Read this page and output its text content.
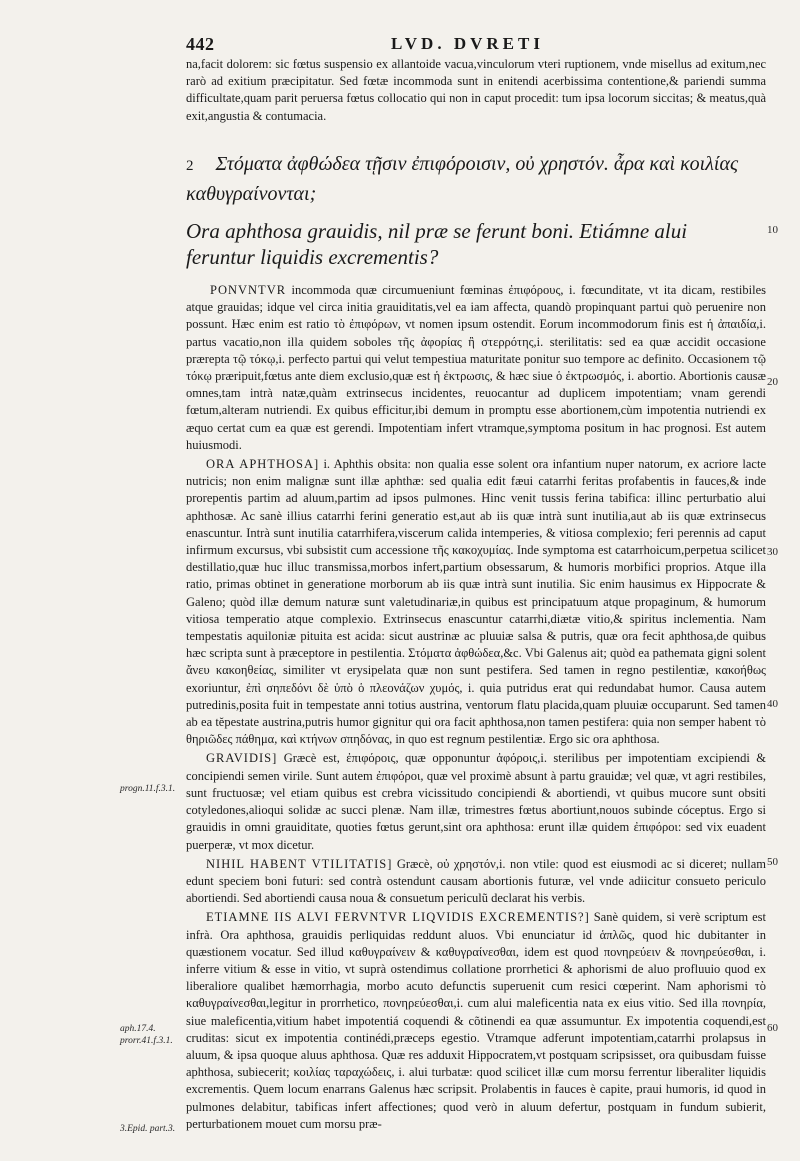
442	LVD. DVRETI
na,facit dolorem: sic fœtus suspensio ex allantoide vacua,vinculorum vteri ruptionem, vnde misellus ad exitum,nec rarò ad exitium præcipitatur. Sed fœtæ incommoda sunt in enitendi acerbissima contentione,& pariendi summa difficultate,quam parit peruersa fœtus collocatio qui non in caput procedit: tum ipsa locorum siccitas; & meatus,quà exit,angustia & contumacia.
2 Στόματα ἀφθώδεα τῇσιν ἐπιφόροισιν, οὐ χρηστόν. ἆρα καὶ κοιλίας καθυγραίνονται;
Ora aphthosa grauidis, nil præ se ferunt boni. Etiámne alui feruntur liquidis excrementis?

PONVNTVR incommoda quæ circumueniunt fœminas ἐπιφόρους, i. fœcunditate, vt ita dicam, restibiles atque grauidas; idque vel circa initia grauiditatis,vel ea iam affecta, quandò propinquant partui quò peruenire non possunt. Hæc enim est ratio τὸ ἐπιφόρων, vt nomen ipsum ostendit. Eorum incommodorum finis est ἡ ἀπαιδία,i. partus vacatio,non illa quidem soboles τῆς ἀφορίας ἢ στερρότης,i. sterilitatis: sed ea quæ accidit occasione prærepta τῷ τόκῳ,i. perfecto partui qui velut tempestiua maturitate ponitur suo tempore ac definito. Occasionem τῷ τόκῳ præripuit,fœtus ante diem exclusio,quæ est ἡ ἐκτρωσις, & hæc siue ὁ ἐκτρωσμός, i. abortio. Abortionis causæ omnes,tam intrà natæ,quàm extrinsecus incidentes, reuocantur ad duplicem impotentiam; vnam gerendi fœtum,alteram nutriendi. Ex quibus efficitur,ibi demum in promptu esse abortionem,cùm impotentia nutriendi ex æquo certat cum ea quæ est gerendi. Impotentiam infert vtramque,symptoma positum in hac prognosi. Est autem huiusmodi.

ORA APHTHOSA] i. Aphthis obsita: non qualia esse solent ora infantium nuper natorum, ex acriore lacte nutricis; non enim malignæ sunt illæ aphthæ: sed qualia edit fæui catarrhi feritas profabentis in fauces,& inde prorepentis partim ad aluum,partim ad ipsos pulmones. Hinc venit tussis ferina tabifica: illinc perturbatio alui aphthosæ. Ac sanè illius catarrhi ferini generatio est,aut ab iis quæ intrà sunt inutilia,aut ab iis quæ extrinsecus enascuntur. Intrà sunt inutilia catarrhifera,viscerum calida intemperies, & vitiosa complexio; feri perennis ad caput infirmum excursus, vbi subsistit cum accessione τῆς κακοχυμίας. Inde symptoma est catarrhoicum,perpetua scilicet destillatio,quæ huc illuc transmissa,morbos infert,partium obsessarum, & humoris morbifici proprios. Atque illa ratio, primas obtinet in generatione morborum ab iis quæ intrà sunt inutilia. Sic enim hausimus ex Hippocrate & Galeno; quòd illæ demum naturæ sunt valetudinariæ,in quibus est principatuum atque propaginum, & humorum vitiosa temperatio atque complexio. Extrinsecus enascuntur catarrhi,diætæ vitio,& spiritus inclementia. Nam tempestatis aquiloniæ pituita est acida: sicut austrinæ ac pluuiæ salsa & putris, quæ ora fecit aphthosa,de quibus hæc scripta sunt à præceptore in pestilentia. Στόματα ἀφθώδεα,&c. Vbi Galenus ait; quòd ea pathemata gigni solent ἄνευ κακοηθείας, similiter vt erysipelata quæ non sunt pestifera. Sed tamen in regno pestilentiæ, κακοήθως exoriuntur, ἐπὶ σηπεδόνι δὲ ὑπὸ ὁ πλεονάζων χυμός, i. quia putridus erat qui redundabat humor. Causa autem putredinis,posita fuit in tempestate anni totius austrina, ventorum flatu placida,quam pluuiæ occuparunt. Sed tamen ab ea tĕpestate austrina,putris humor gignitur qui ora facit aphthosa,non tamen pestifera: quia non semper habent τὸ θηριῶδες πάθημα, καὶ κτήνων σπηδόνας, in quo est regnum pestilentiæ. Ergo sic ora aphthosa.

GRAVIDIS] Græcè est, ἐπιφόροις, quæ opponuntur ἀφόροις,i. sterilibus per impotentiam excipiendi & concipiendi semen virile. Sunt autem ἐπιφόροι, quæ vel proximè absunt à partu grauidæ; vel quæ, vt agri restibiles, sunt fructuosæ; vel etiam quibus est crebra vicissitudo concipiendi & abortiendi, vt quibus mucore sunt obsiti cotyledones,alioqui solidæ ac succi plenæ. Nam illæ, trimestres fœtus abortiunt,nouos subinde cóceptus. Ergo si grauidis in omni grauiditate, quoties fœtus gerunt,sint ora aphthosa: erunt illæ quidem ἐπιφόροι: sed vix euadent puerperæ, vt mox dicetur.

NIHIL HABENT VTILITATIS] Græcè, οὐ χρηστόν,i. non vtile: quod est eiusmodi ac si diceret; nullam edunt speciem boni futuri: sed contrà ostendunt causam abortionis futuræ, vel vnde adiicitur consueto periculo abortiendi. Sed abortiendi causa noua & consuetum periculũ declarat his verbis.

ETIAMNE IIS ALVI FERVNTVR LIQVIDIS EXCREMENTIS?] Sanè quidem, si verè scriptum est infrà. Ora aphthosa, grauidis perliquidas reddunt aluos. Vbi enunciatur id ἁπλῶς, quod hic dubitanter in quæstionem vocatur. Sed illud καθυγραίνειν & καθυγραίνεσθαι, idem est quod πονηρεύειν & πονηρεύεσθαι, i. inferre vitium & esse in vitio, vt suprà ostendimus collatione prorrhetici & aphorismi de aluo profluuio quod ex liberaliore qualibet hæmorrhagia, morbo acuto defunctis superuenit cum resici cœperint. Nam aphorismi τὸ καθυγραίνεσθαι,legitur in prorrhetico, πονηρεύεσθαι,i. cum alui maleficentia nata ex eius vitio. Sed illa πονηρία, siue maleficentia,vitium habet impotentiá coquendi & cõtinendi ea quæ assumuntur. Ex impotentia coquendi,est cruditas: sicut ex impotentia continédi,præceps egestio. Vtramque adferunt impotentiam,catarrhi prolapsus in aluum, & ipsa quoque aluus aphthosa. Quæ res adduxit Hippocratem,vt postquam scripsisset, ora quibusdam fuisse aphthosa, subiecerit; κοιλίας ταραχώδεις, i. alui turbatæ: quod scilicet illæ cum morsu ferrentur liberaliter liquidis excrementis. Quem locum enarrans Galenus hæc scripsit. Prolabentis in fauces è capite, praui humoris, id quod in pulmones delabitur, tabificas infert affectiones; quod verò in aluum defertur, postquam in fundum subierit, perturbationem mouet cum morsu præ-

10
20
30
40
50
60
progn.11.f.3.1.
aph.17.4.
prorr.41.f.3.1.
3.Epid. part.3.
